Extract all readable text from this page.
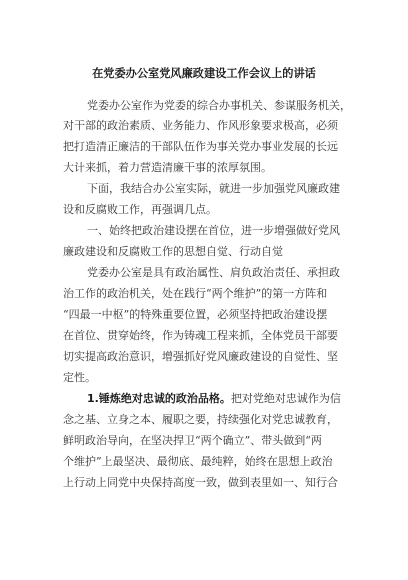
在党委办公室党风廉政建设工作会议上的讲话
党委办公室作为党委的综合办事机关、参谋服务机关，
对干部的政治素质、业务能力、作风形象要求极高，必须
把打造清正廉洁的干部队伍作为事关党办事业发展的长远
大计来抓，着力营造清廉干事的浓厚氛围。
下面，我结合办公室实际，就进一步加强党风廉政建
设和反腐败工作，再强调几点。
一、始终把政治建设摆在首位，进一步增强做好党风
廉政建设和反腐败工作的思想自觉、行动自觉
党委办公室是具有政治属性、肩负政治责任、承担政
治工作的政治机关，处在践行“两个维护”的第一方阵和
“四最一中枢”的特殊重要位置，必须坚持把政治建设摆
在首位、贯穿始终，作为铸魂工程来抓，全体党员干部要
切实提高政治意识，增强抓好党风廉政建设的自觉性、坚
定性。
1.锤炼绝对忠诚的政治品格。把对党绝对忠诚作为信
念之基、立身之本、履职之要，持续强化对党忠诚教育，
鲜明政治导向，在坚决捍卫“两个确立”、带头做到“两
个维护”上最坚决、最彻底、最纯粹，始终在思想上政治
上行动上同党中央保持高度一致，做到表里如一、知行合
